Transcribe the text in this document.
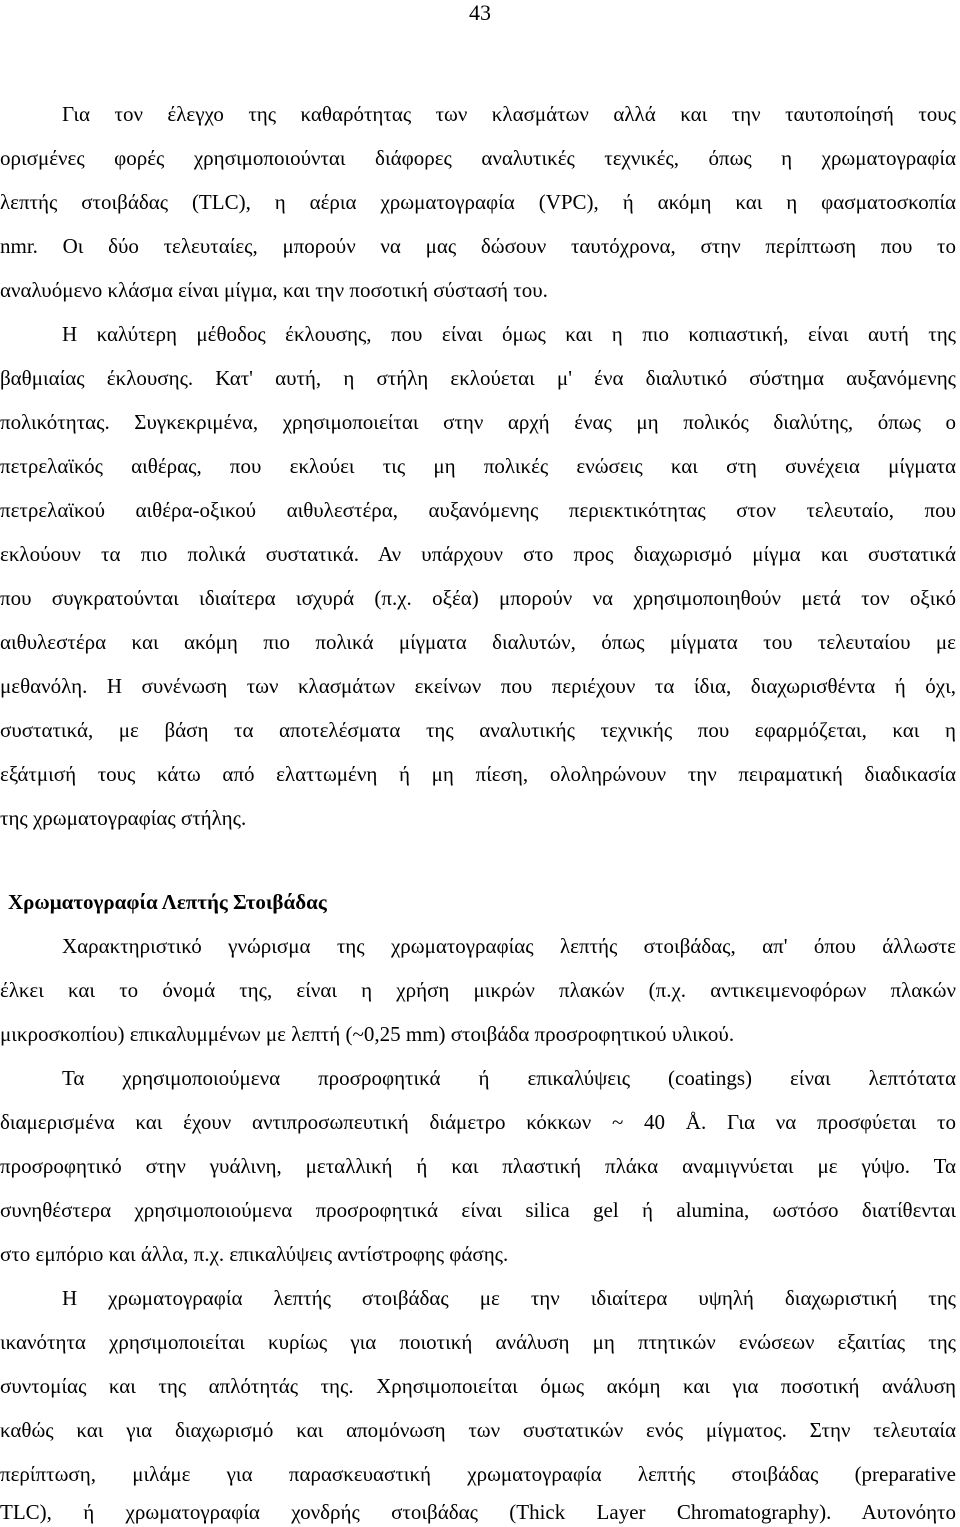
43
Για τον έλεγχο της καθαρότητας των κλασμάτων αλλά και την ταυτοποίησή τους
ορισμένες φορές χρησιμοποιούνται διάφορες αναλυτικές τεχνικές, όπως η χρωματογραφία
λεπτής στοιβάδας (TLC), η αέρια χρωματογραφία (VPC), ή ακόμη και η φασματοσκοπία
nmr. Οι δύο τελευταίες, μπορούν να μας δώσουν ταυτόχρονα, στην περίπτωση που το
αναλυόμενο κλάσμα είναι μίγμα, και την ποσοτική σύστασή του.
Η καλύτερη μέθοδος έκλουσης, που είναι όμως και η πιο κοπιαστική, είναι αυτή της
βαθμιαίας έκλουσης. Κατ' αυτή, η στήλη εκλούεται μ' ένα διαλυτικό σύστημα αυξανόμενης
πολικότητας. Συγκεκριμένα, χρησιμοποιείται στην αρχή ένας μη πολικός διαλύτης, όπως ο
πετρελαϊκός αιθέρας, που εκλούει τις μη πολικές ενώσεις και στη συνέχεια μίγματα
πετρελαϊκού αιθέρα-οξικού αιθυλεστέρα, αυξανόμενης περιεκτικότητας στον τελευταίο, που
εκλούουν τα πιο πολικά συστατικά. Αν υπάρχουν στο προς διαχωρισμό μίγμα και συστατικά
που συγκρατούνται ιδιαίτερα ισχυρά (π.χ. οξέα) μπορούν να χρησιμοποιηθούν μετά τον οξικό
αιθυλεστέρα και ακόμη πιο πολικά μίγματα διαλυτών, όπως μίγματα του τελευταίου με
μεθανόλη. Η συνένωση των κλασμάτων εκείνων που περιέχουν τα ίδια, διαχωρισθέντα ή όχι,
συστατικά, με βάση τα αποτελέσματα της αναλυτικής τεχνικής που εφαρμόζεται, και η
εξάτμισή τους κάτω από ελαττωμένη ή μη πίεση, ολοληρώνουν την πειραματική διαδικασία
της χρωματογραφίας στήλης.
Χρωματογραφία Λεπτής Στοιβάδας
Χαρακτηριστικό γνώρισμα της χρωματογραφίας λεπτής στοιβάδας, απ' όπου άλλωστε
έλκει και το όνομά της, είναι η χρήση μικρών πλακών (π.χ. αντικειμενοφόρων πλακών
μικροσκοπίου) επικαλυμμένων με λεπτή (~0,25 mm) στοιβάδα προσροφητικού υλικού.
Τα χρησιμοποιούμενα προσροφητικά ή επικαλύψεις (coatings) είναι λεπτότατα
διαμερισμένα και έχουν αντιπροσωπευτική διάμετρο κόκκων ~ 40 Å. Για να προσφύεται το
προσροφητικό στην γυάλινη, μεταλλική ή και πλαστική πλάκα αναμιγνύεται με γύψο. Τα
συνηθέστερα χρησιμοποιούμενα προσροφητικά είναι silica gel ή alumina, ωστόσο διατίθενται
στο εμπόριο και άλλα, π.χ. επικαλύψεις αντίστροφης φάσης.
Η χρωματογραφία λεπτής στοιβάδας με την ιδιαίτερα υψηλή διαχωριστική της
ικανότητα χρησιμοποιείται κυρίως για ποιοτική ανάλυση μη πτητικών ενώσεων εξαιτίας της
συντομίας και της απλότητάς της. Χρησιμοποιείται όμως ακόμη και για ποσοτική ανάλυση
καθώς και για διαχωρισμό και απομόνωση των συστατικών ενός μίγματος. Στην τελευταία
περίπτωση, μιλάμε για παρασκευαστική χρωματογραφία λεπτής στοιβάδας (preparative
TLC), ή χρωματογραφία χονδρής στοιβάδας (Thick Layer Chromatography). Αυτονόητο
